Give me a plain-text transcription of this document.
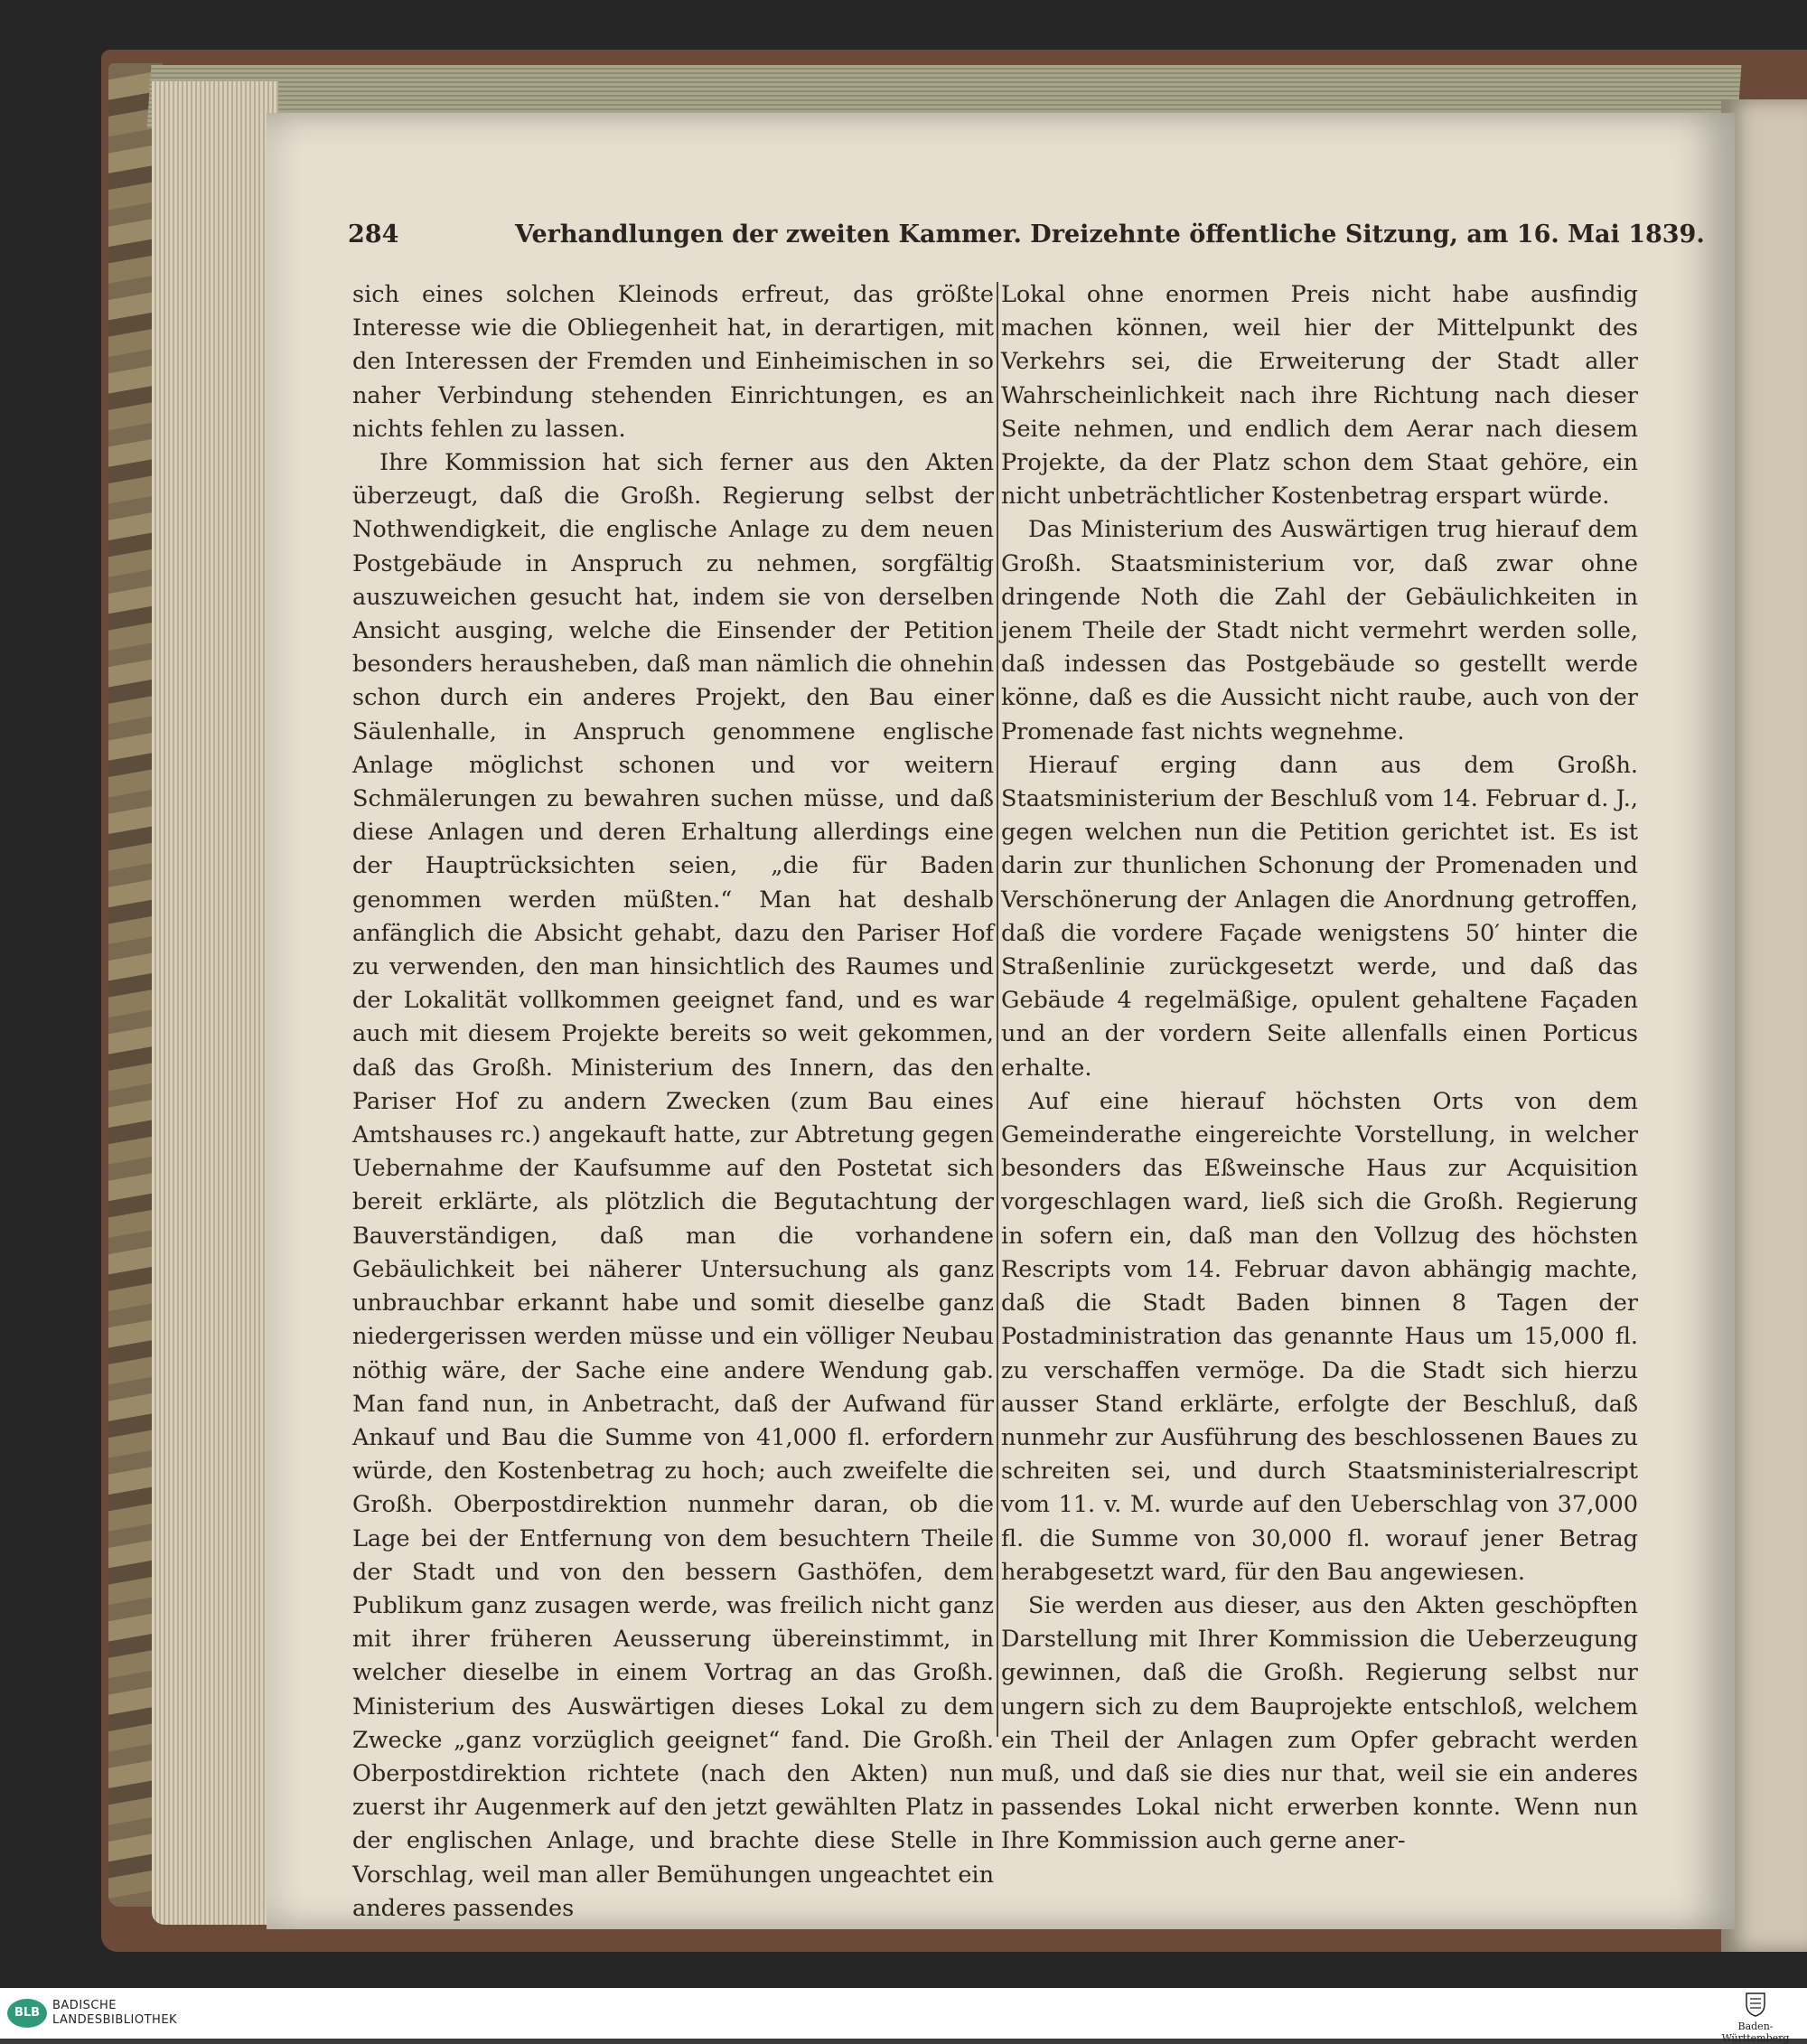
284	Verhandlungen der zweiten Kammer. Dreizehnte öffentliche Sitzung, am 16. Mai 1839.

sich eines solchen Kleinods erfreut, das größte Interesse wie die Obliegenheit hat, in derartigen, mit den Interessen der Fremden und Einheimischen in so naher Verbindung stehenden Einrichtungen, es an nichts fehlen zu lassen.

Ihre Kommission hat sich ferner aus den Akten überzeugt, daß die Großh. Regierung selbst der Nothwendigkeit, die englische Anlage zu dem neuen Postgebäude in Anspruch zu nehmen, sorgfältig auszuweichen gesucht hat, indem sie von derselben Ansicht ausging, welche die Einsender der Petition besonders herausheben, daß man nämlich die ohnehin schon durch ein anderes Projekt, den Bau einer Säulenhalle, in Anspruch genommene englische Anlage möglichst schonen und vor weitern Schmälerungen zu bewahren suchen müsse, und daß diese Anlagen und deren Erhaltung allerdings eine der Hauptrücksichten seien, „die für Baden genommen werden müßten.“ Man hat deshalb anfänglich die Absicht gehabt, dazu den Pariser Hof zu verwenden, den man hinsichtlich des Raumes und der Lokalität vollkommen geeignet fand, und es war auch mit diesem Projekte bereits so weit gekommen, daß das Großh. Ministerium des Innern, das den Pariser Hof zu andern Zwecken (zum Bau eines Amtshauses rc.) angekauft hatte, zur Abtretung gegen Uebernahme der Kaufsumme auf den Postetat sich bereit erklärte, als plötzlich die Begutachtung der Bauverständigen, daß man die vorhandene Gebäulichkeit bei näherer Untersuchung als ganz unbrauchbar erkannt habe und somit dieselbe ganz niedergerissen werden müsse und ein völliger Neubau nöthig wäre, der Sache eine andere Wendung gab. Man fand nun, in Anbetracht, daß der Aufwand für Ankauf und Bau die Summe von 41,000 fl. erfordern würde, den Kostenbetrag zu hoch; auch zweifelte die Großh. Oberpostdirektion nunmehr daran, ob die Lage bei der Entfernung von dem besuchtern Theile der Stadt und von den bessern Gasthöfen, dem Publikum ganz zusagen werde, was freilich nicht ganz mit ihrer früheren Aeusserung übereinstimmt, in welcher dieselbe in einem Vortrag an das Großh. Ministerium des Auswärtigen dieses Lokal zu dem Zwecke „ganz vorzüglich geeignet“ fand. Die Großh. Oberpostdirektion richtete (nach den Akten) nun zuerst ihr Augenmerk auf den jetzt gewählten Platz in der englischen Anlage, und brachte diese Stelle in Vorschlag, weil man aller Bemühungen ungeachtet ein anderes passendes

Lokal ohne enormen Preis nicht habe ausfindig machen können, weil hier der Mittelpunkt des Verkehrs sei, die Erweiterung der Stadt aller Wahrscheinlichkeit nach ihre Richtung nach dieser Seite nehmen, und endlich dem Aerar nach diesem Projekte, da der Platz schon dem Staat gehöre, ein nicht unbeträchtlicher Kostenbetrag erspart würde.

Das Ministerium des Auswärtigen trug hierauf dem Großh. Staatsministerium vor, daß zwar ohne dringende Noth die Zahl der Gebäulichkeiten in jenem Theile der Stadt nicht vermehrt werden solle, daß indessen das Postgebäude so gestellt werde könne, daß es die Aussicht nicht raube, auch von der Promenade fast nichts wegnehme.

Hierauf erging dann aus dem Großh. Staatsministerium der Beschluß vom 14. Februar d. J., gegen welchen nun die Petition gerichtet ist. Es ist darin zur thunlichen Schonung der Promenaden und Verschönerung der Anlagen die Anordnung getroffen, daß die vordere Façade wenigstens 50′ hinter die Straßenlinie zurückgesetzt werde, und daß das Gebäude 4 regelmäßige, opulent gehaltene Façaden und an der vordern Seite allenfalls einen Porticus erhalte.

Auf eine hierauf höchsten Orts von dem Gemeinderathe eingereichte Vorstellung, in welcher besonders das Eßweinsche Haus zur Acquisition vorgeschlagen ward, ließ sich die Großh. Regierung in sofern ein, daß man den Vollzug des höchsten Rescripts vom 14. Februar davon abhängig machte, daß die Stadt Baden binnen 8 Tagen der Postadministration das genannte Haus um 15,000 fl. zu verschaffen vermöge. Da die Stadt sich hierzu ausser Stand erklärte, erfolgte der Beschluß, daß nunmehr zur Ausführung des beschlossenen Baues zu schreiten sei, und durch Staatsministerialrescript vom 11. v. M. wurde auf den Ueberschlag von 37,000 fl. die Summe von 30,000 fl. worauf jener Betrag herabgesetzt ward, für den Bau angewiesen.

Sie werden aus dieser, aus den Akten geschöpften Darstellung mit Ihrer Kommission die Ueberzeugung gewinnen, daß die Großh. Regierung selbst nur ungern sich zu dem Bauprojekte entschloß, welchem ein Theil der Anlagen zum Opfer gebracht werden muß, und daß sie dies nur that, weil sie ein anderes passendes Lokal nicht erwerben konnte. Wenn nun Ihre Kommission auch gerne aner-

BLB
BADISCHE
LANDESBIBLIOTHEK	Baden-Württemberg
